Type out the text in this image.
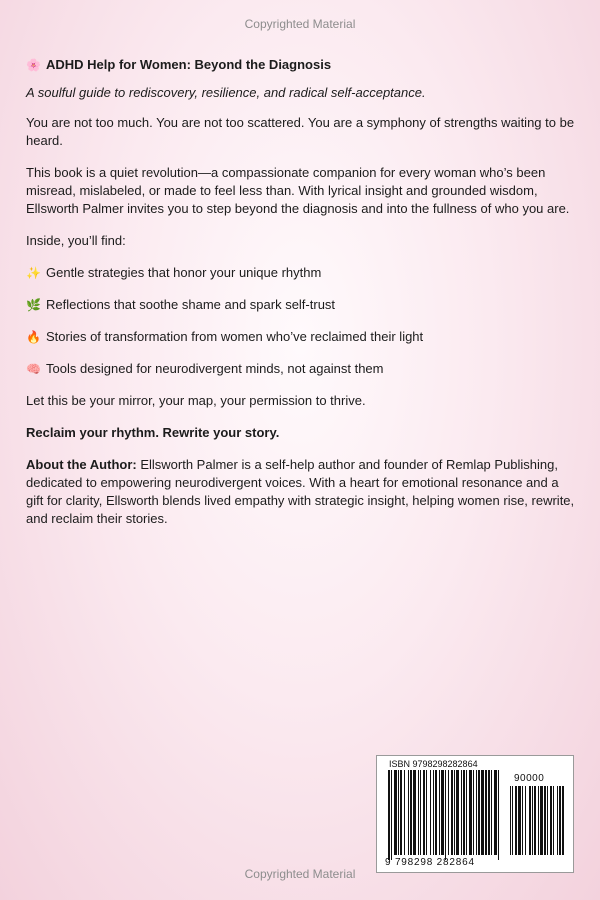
Copyrighted Material
🌸 ADHD Help for Women: Beyond the Diagnosis

A soulful guide to rediscovery, resilience, and radical self-acceptance.

You are not too much. You are not too scattered. You are a symphony of strengths waiting to be heard.

This book is a quiet revolution—a compassionate companion for every woman who’s been misread, mislabeled, or made to feel less than. With lyrical insight and grounded wisdom, Ellsworth Palmer invites you to step beyond the diagnosis and into the fullness of who you are.

Inside, you’ll find:

✨ Gentle strategies that honor your unique rhythm
🌿 Reflections that soothe shame and spark self-trust
🔥 Stories of transformation from women who’ve reclaimed their light
🧠 Tools designed for neurodivergent minds, not against them

Let this be your mirror, your map, your permission to thrive.

Reclaim your rhythm. Rewrite your story.

About the Author: Ellsworth Palmer is a self-help author and founder of Remlap Publishing, dedicated to empowering neurodivergent voices. With a heart for emotional resonance and a gift for clarity, Ellsworth blends lived empathy with strategic insight, helping women rise, rewrite, and reclaim their stories.

ISBN 9798298282864
90000
9 798298 282864
Copyrighted Material
